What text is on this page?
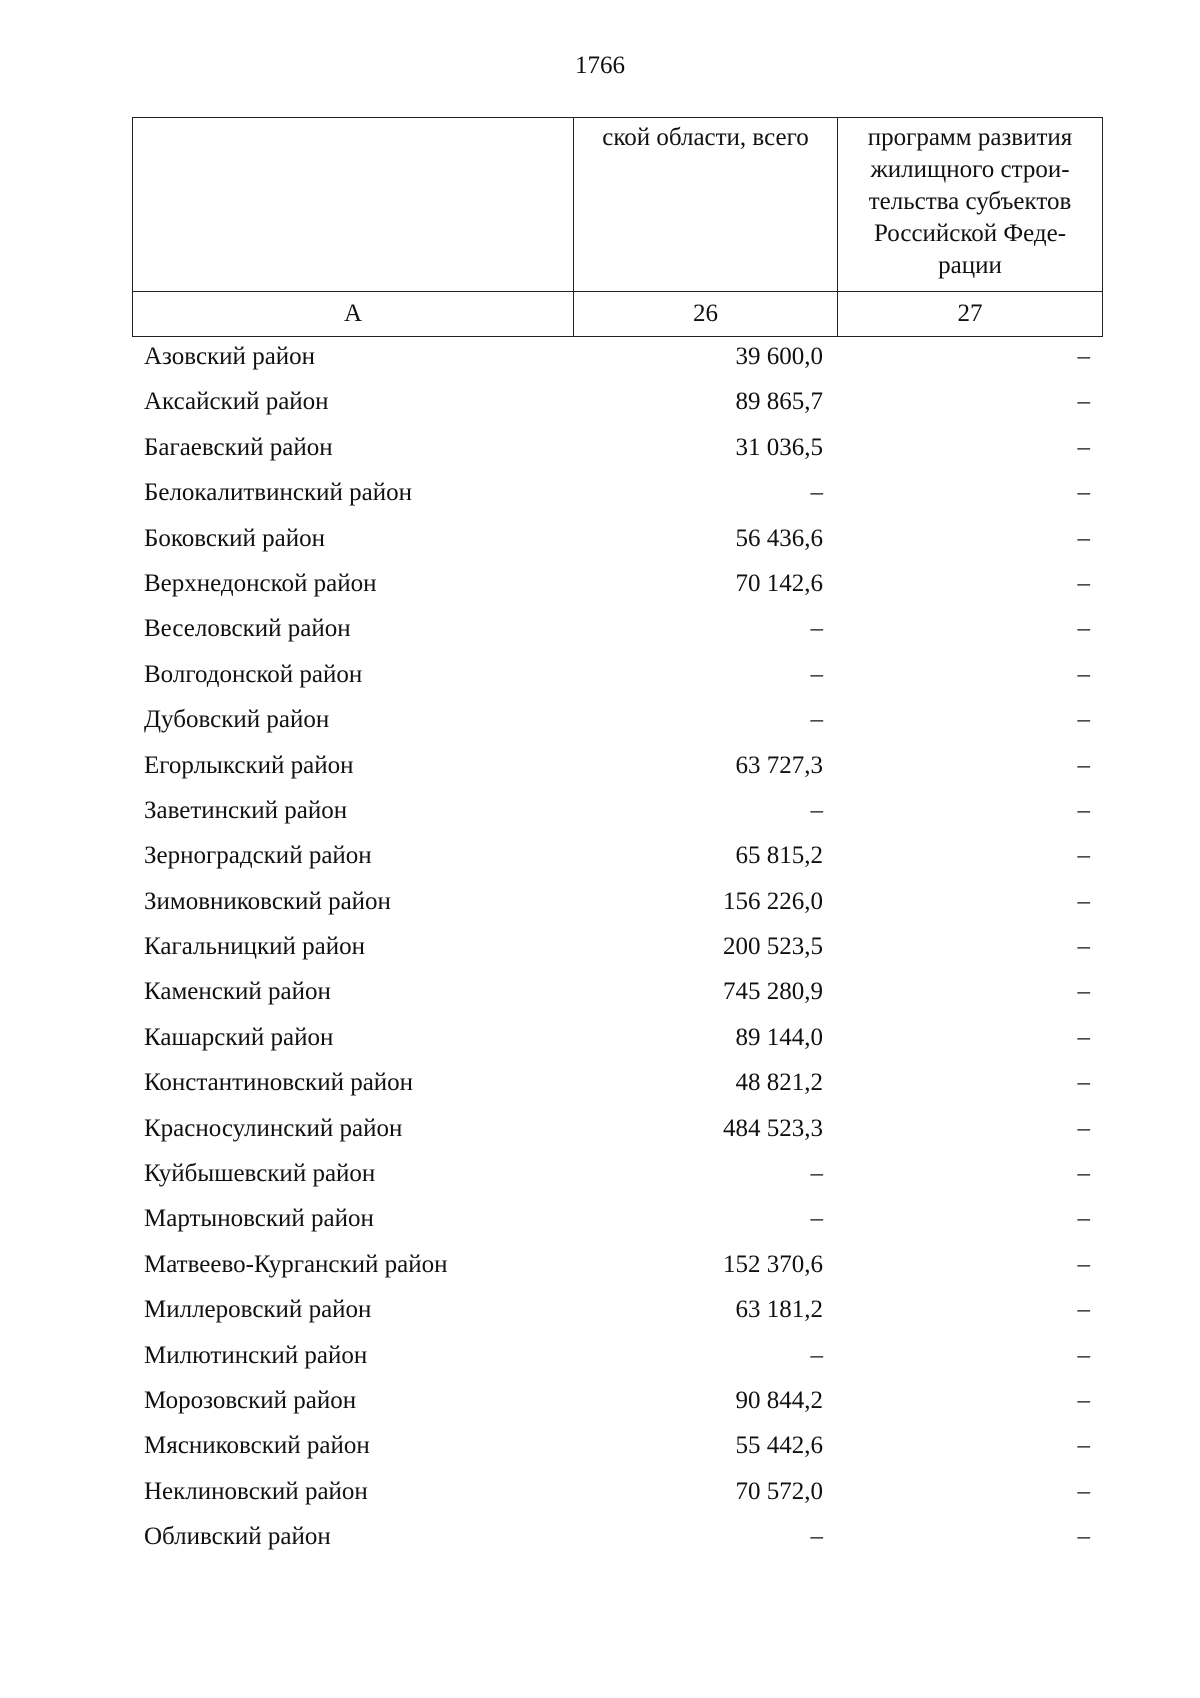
1766
	ской области, всего	программ развития
жилищного строи-
тельства субъектов
Российской Феде-
рации

А	26	27
Азовский район	39 600,0	–
Аксайский район	89 865,7	–
Багаевский район	31 036,5	–
Белокалитвинский район	–	–
Боковский район	56 436,6	–
Верхнедонской район	70 142,6	–
Веселовский район	–	–
Волгодонской район	–	–
Дубовский район	–	–
Егорлыкский район	63 727,3	–
Заветинский район	–	–
Зерноградский район	65 815,2	–
Зимовниковский район	156 226,0	–
Кагальницкий район	200 523,5	–
Каменский район	745 280,9	–
Кашарский район	89 144,0	–
Константиновский район	48 821,2	–
Красносулинский район	484 523,3	–
Куйбышевский район	–	–
Мартыновский район	–	–
Матвеево-Курганский район	152 370,6	–
Миллеровский район	63 181,2	–
Милютинский район	–	–
Морозовский район	90 844,2	–
Мясниковский район	55 442,6	–
Неклиновский район	70 572,0	–
Обливский район	–	–
